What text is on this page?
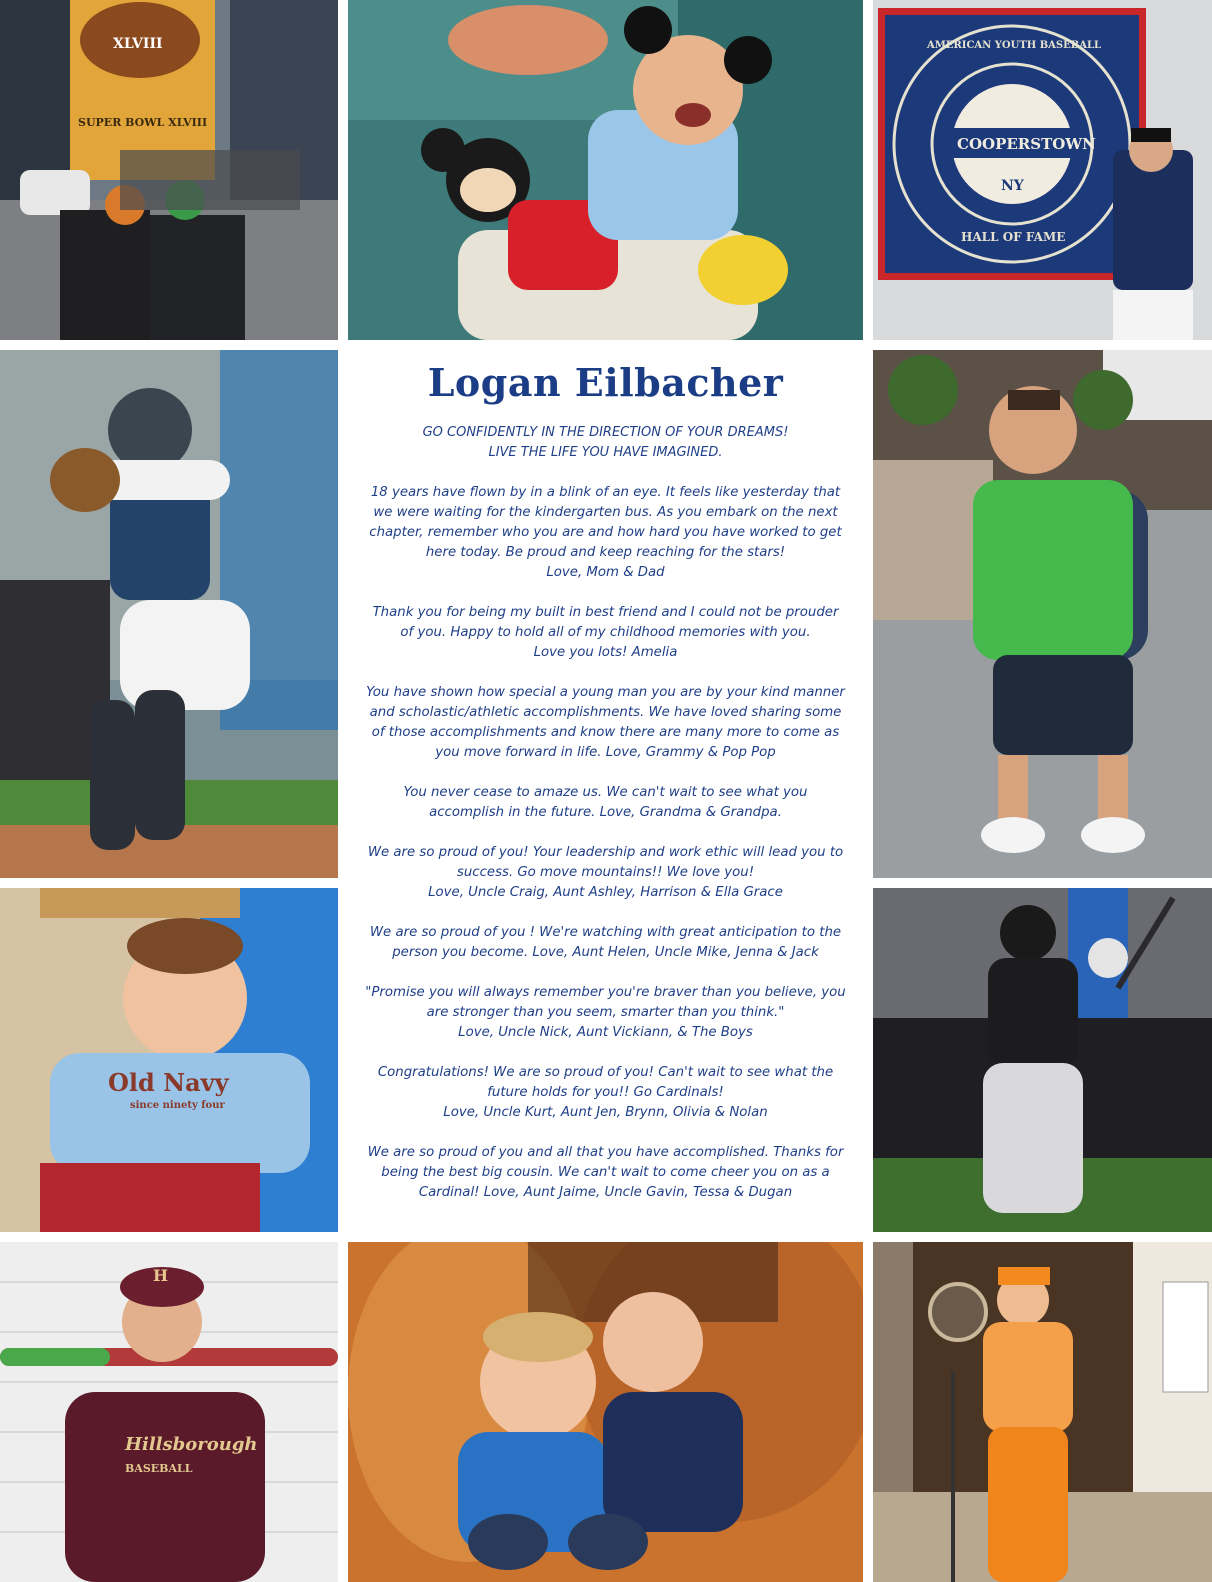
XLVIII
SUPER BOWL XLVIII
AMERICAN YOUTH BASEBALL
COOPERSTOWN
NY
HALL OF FAME
Logan Eilbacher
GO CONFIDENTLY IN THE DIRECTION OF YOUR DREAMS!
LIVE THE LIFE YOU HAVE IMAGINED.
18 years have flown by in a blink of an eye. It feels like yesterday that
we were waiting for the kindergarten bus. As you embark on the next
chapter, remember who you are and how hard you have worked to get
here today. Be proud and keep reaching for the stars!
Love, Mom & Dad
Thank you for being my built in best friend and I could not be prouder
of you. Happy to hold all of my childhood memories with you.
Love you lots! Amelia
You have shown how special a young man you are by your kind manner
and scholastic/athletic accomplishments. We have loved sharing some
of those accomplishments and know there are many more to come as
you move forward in life. Love, Grammy & Pop Pop
You never cease to amaze us. We can't wait to see what you
accomplish in the future. Love, Grandma & Grandpa.
We are so proud of you! Your leadership and work ethic will lead you to
success. Go move mountains!! We love you!
Love, Uncle Craig, Aunt Ashley, Harrison & Ella Grace
We are so proud of you ! We're watching with great anticipation to the
person you become. Love, Aunt Helen, Uncle Mike, Jenna & Jack
"Promise you will always remember you're braver than you believe, you
are stronger than you seem, smarter than you think."
Love, Uncle Nick, Aunt Vickiann, & The Boys
Congratulations! We are so proud of you! Can't wait to see what the
future holds for you!! Go Cardinals!
Love, Uncle Kurt, Aunt Jen, Brynn, Olivia & Nolan
We are so proud of you and all that you have accomplished. Thanks for
being the best big cousin. We can't wait to come cheer you on as a
Cardinal! Love, Aunt Jaime, Uncle Gavin, Tessa & Dugan
Old Navy
since ninety four
H
Hillsborough
BASEBALL
